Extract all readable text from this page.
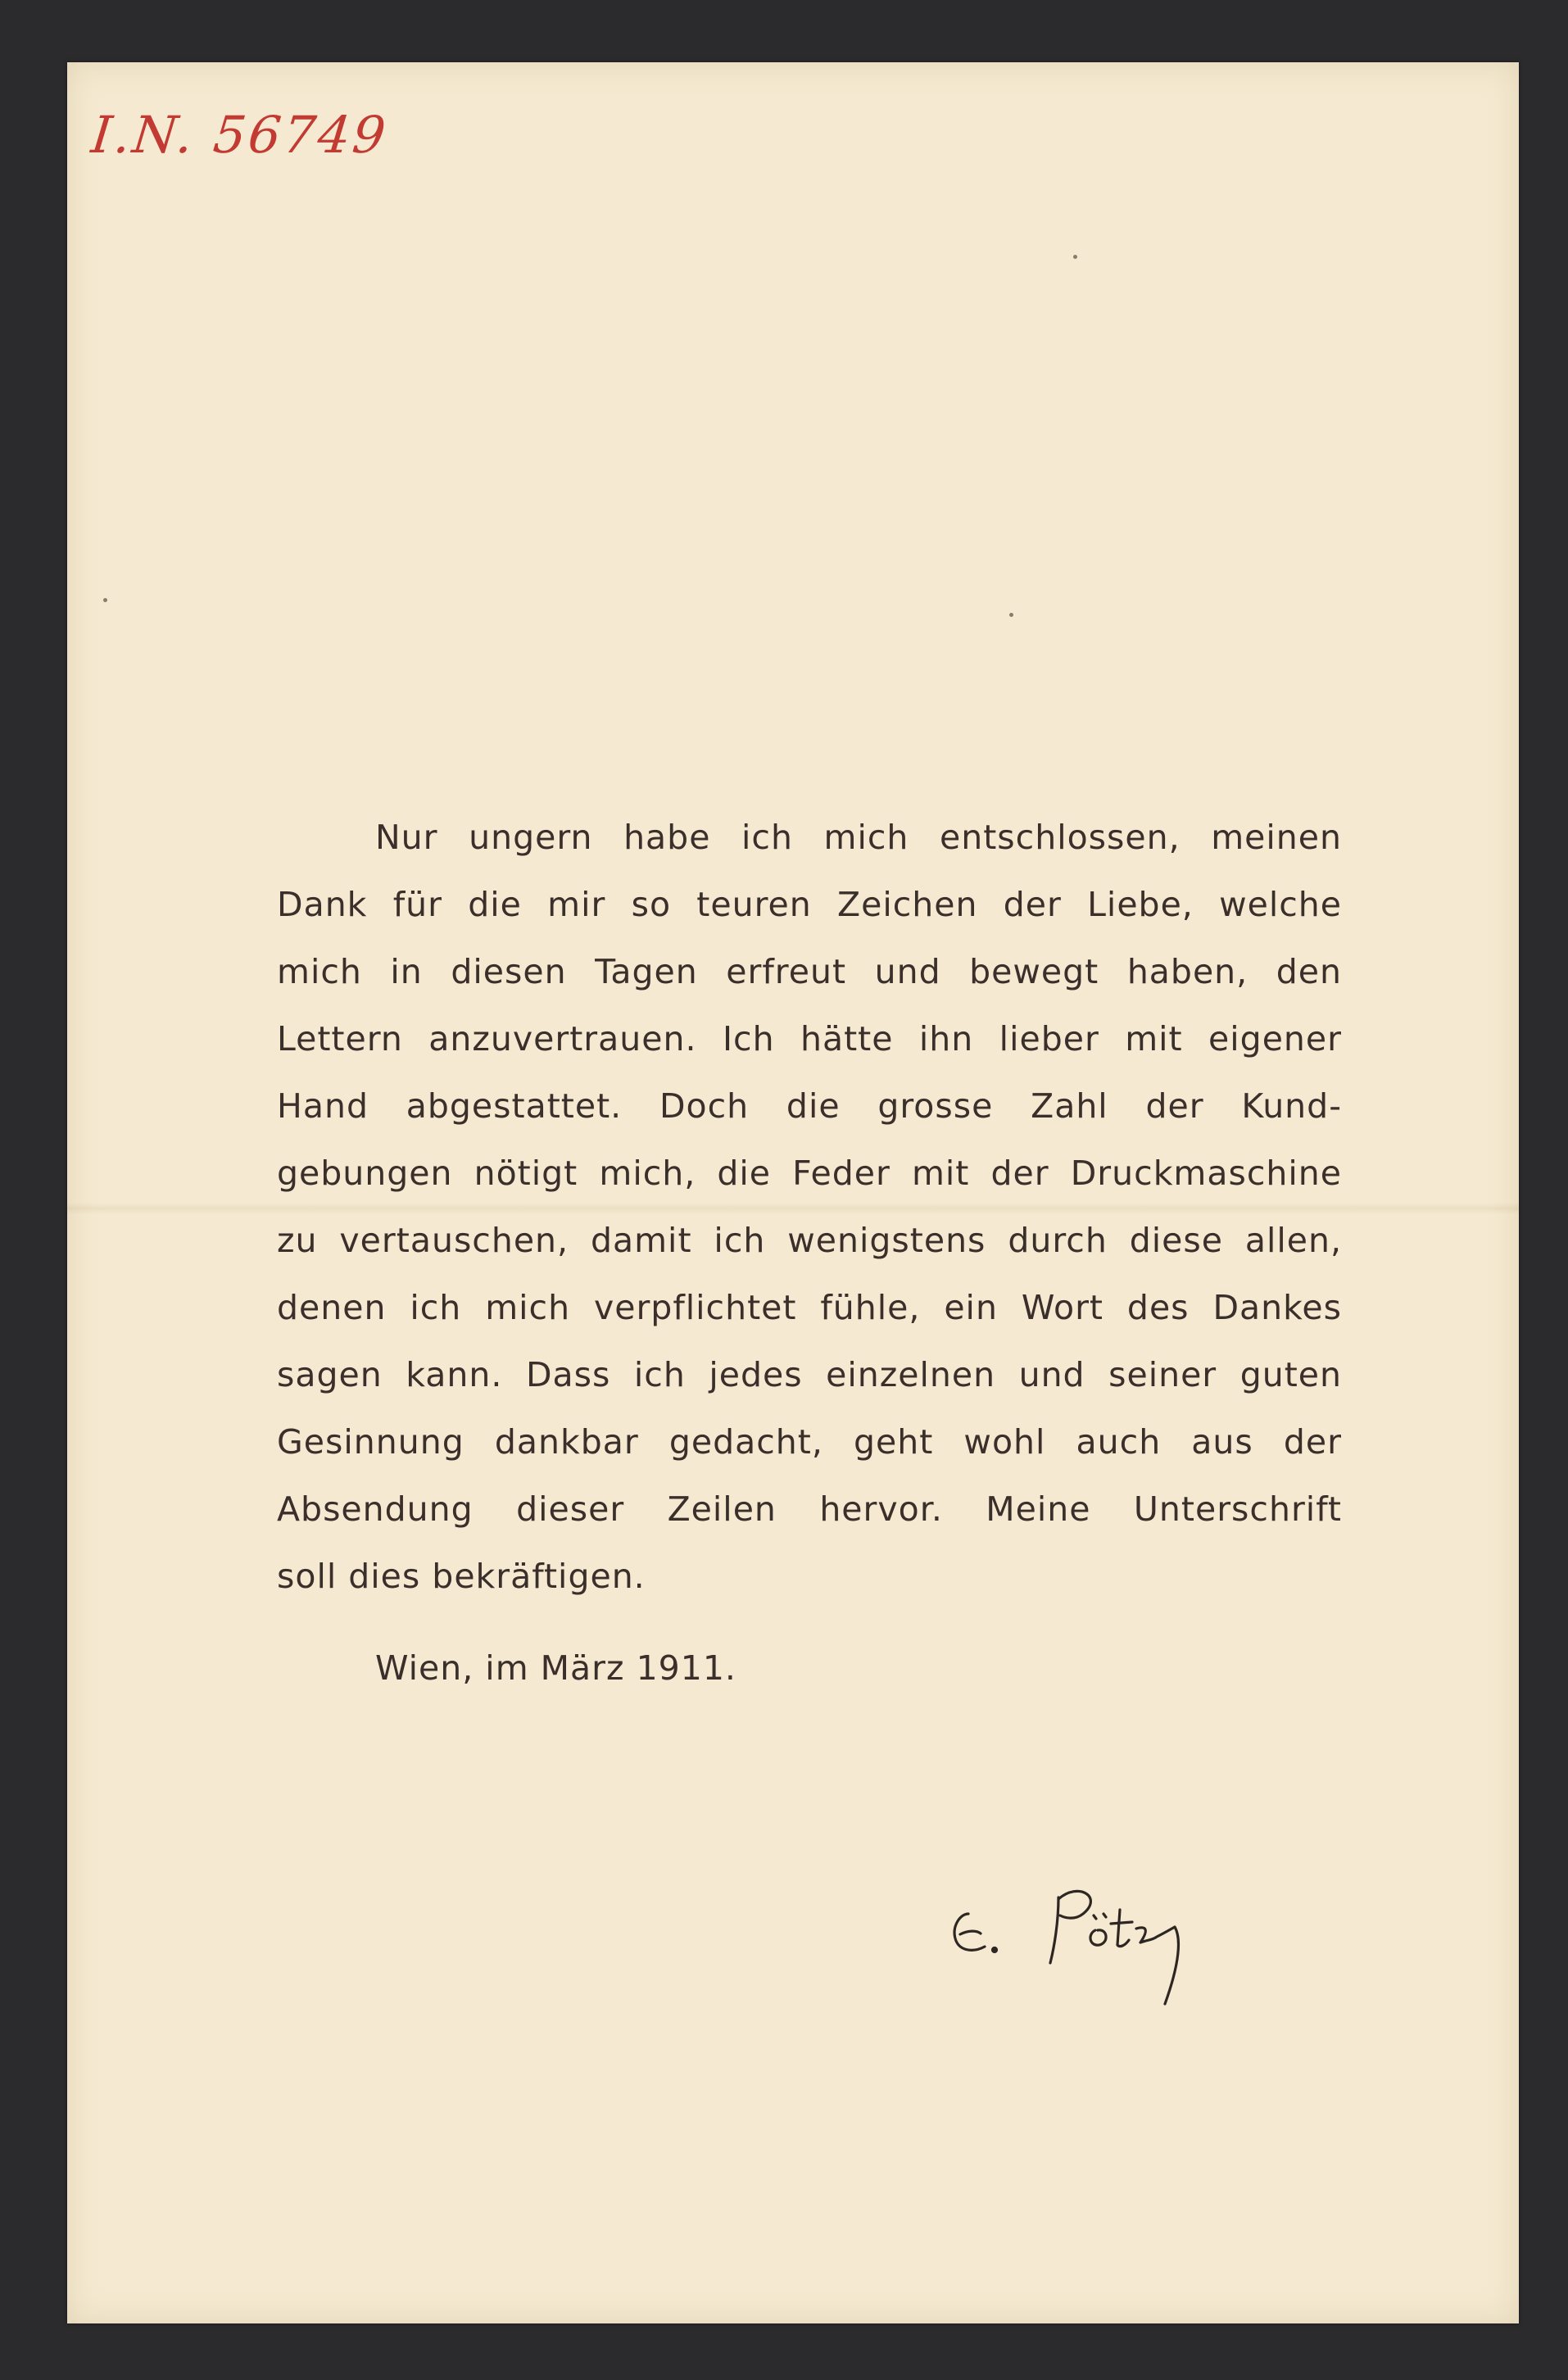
I.N. 56749
Nur ungern habe ich mich entschlossen, meinen
Dank für die mir so teuren Zeichen der Liebe, welche
mich in diesen Tagen erfreut und bewegt haben, den
Lettern anzuvertrauen. Ich hätte ihn lieber mit eigener
Hand abgestattet. Doch die grosse Zahl der Kund-
gebungen nötigt mich, die Feder mit der Druckmaschine
zu vertauschen, damit ich wenigstens durch diese allen,
denen ich mich verpflichtet fühle, ein Wort des Dankes
sagen kann. Dass ich jedes einzelnen und seiner guten
Gesinnung dankbar gedacht, geht wohl auch aus der
Absendung dieser Zeilen hervor. Meine Unterschrift
soll dies bekräftigen.
Wien, im März 1911.
